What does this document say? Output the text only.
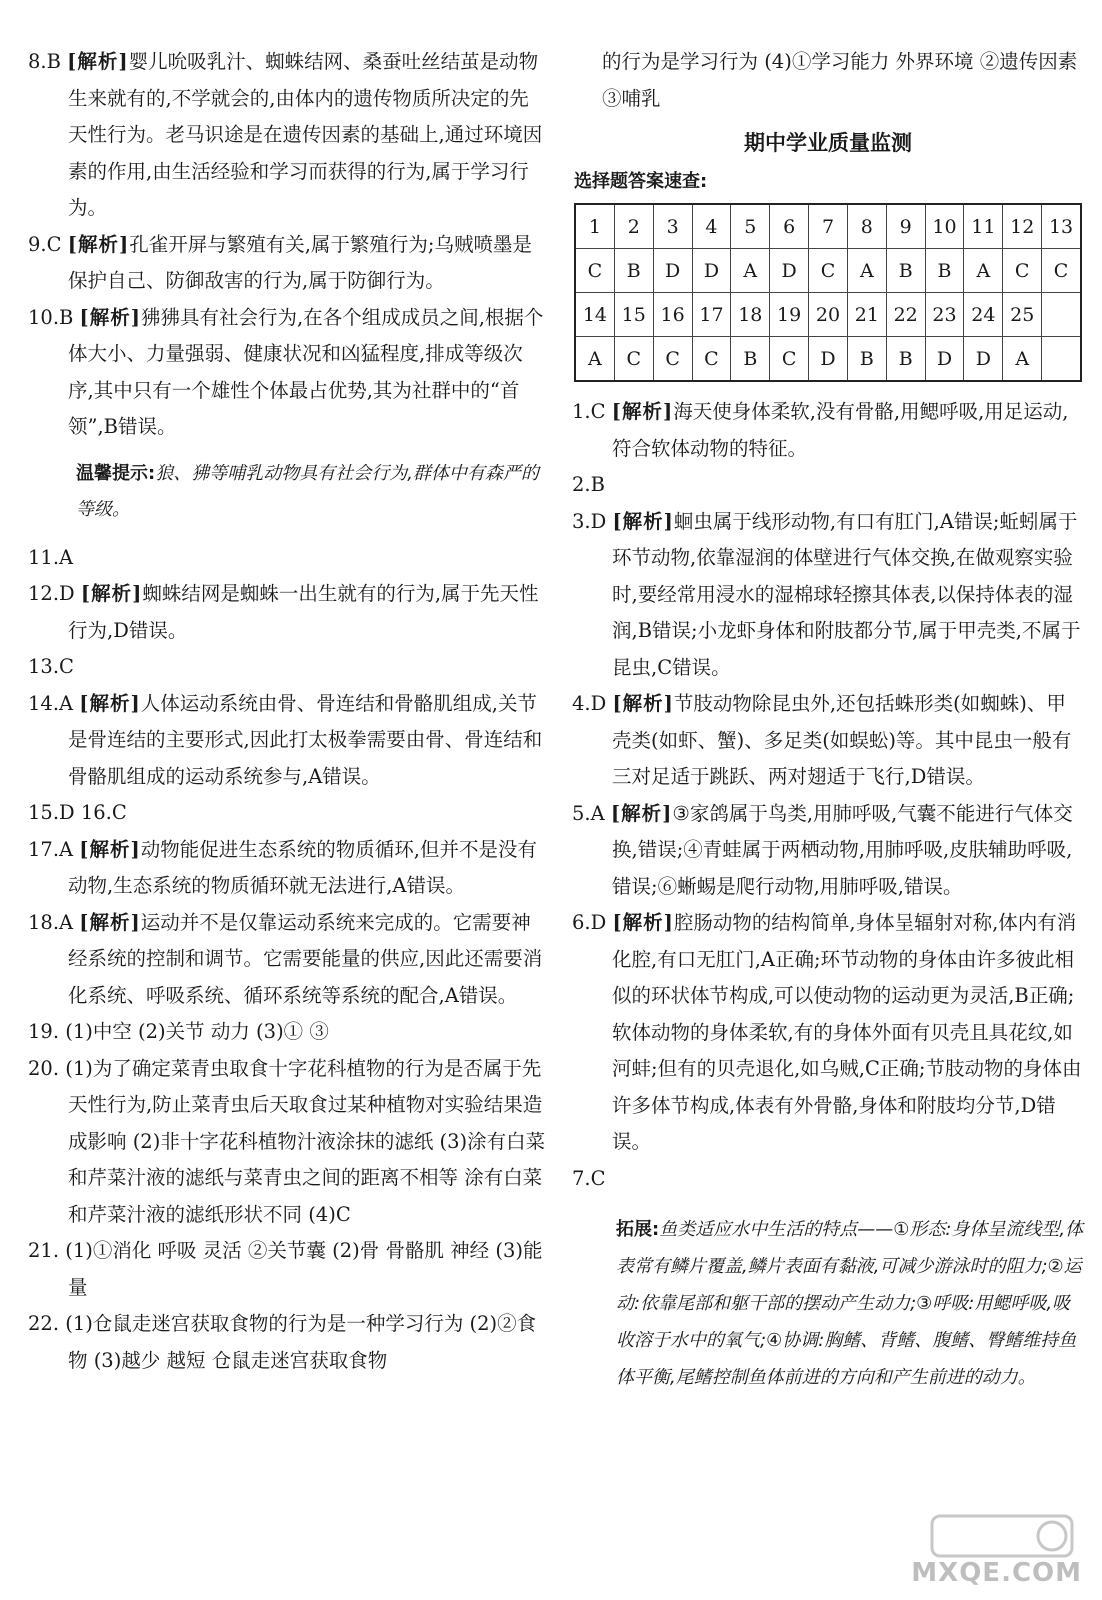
8.B [解析]婴儿吮吸乳汁、蜘蛛结网、桑蚕吐丝结茧是动物生来就有的,不学就会的,由体内的遗传物质所决定的先天性行为。老马识途是在遗传因素的基础上,通过环境因素的作用,由生活经验和学习而获得的行为,属于学习行为。

9.C [解析]孔雀开屏与繁殖有关,属于繁殖行为;乌贼喷墨是保护自己、防御敌害的行为,属于防御行为。

10.B [解析]狒狒具有社会行为,在各个组成成员之间,根据个体大小、力量强弱、健康状况和凶猛程度,排成等级次序,其中只有一个雄性个体最占优势,其为社群中的“首领”,B错误。

温馨提示:狼、狒等哺乳动物具有社会行为,群体中有森严的等级。

11.A

12.D [解析]蜘蛛结网是蜘蛛一出生就有的行为,属于先天性行为,D错误。

13.C

14.A [解析]人体运动系统由骨、骨连结和骨骼肌组成,关节是骨连结的主要形式,因此打太极拳需要由骨、骨连结和骨骼肌组成的运动系统参与,A错误。

15.D 16.C

17.A [解析]动物能促进生态系统的物质循环,但并不是没有动物,生态系统的物质循环就无法进行,A错误。

18.A [解析]运动并不是仅靠运动系统来完成的。它需要神经系统的控制和调节。它需要能量的供应,因此还需要消化系统、呼吸系统、循环系统等系统的配合,A错误。

19. (1)中空 (2)关节 动力 (3)① ③

20. (1)为了确定菜青虫取食十字花科植物的行为是否属于先天性行为,防止菜青虫后天取食过某种植物对实验结果造成影响 (2)非十字花科植物汁液涂抹的滤纸 (3)涂有白菜和芹菜汁液的滤纸与菜青虫之间的距离不相等 涂有白菜和芹菜汁液的滤纸形状不同 (4)C

21. (1)①消化 呼吸 灵活 ②关节囊 (2)骨 骨骼肌 神经 (3)能量

22. (1)仓鼠走迷宫获取食物的行为是一种学习行为 (2)②食物 (3)越少 越短 仓鼠走迷宫获取食物

的行为是学习行为 (4)①学习能力 外界环境 ②遗传因素 ③哺乳

期中学业质量监测
选择题答案速查:
1	2	3	4	5	6	7	8	9	10	11	12	13
C	B	D	D	A	D	C	A	B	B	A	C	C
14	15	16	17	18	19	20	21	22	23	24	25	
A	C	C	C	B	C	D	B	B	D	D	A	

1.C [解析]海天使身体柔软,没有骨骼,用鳃呼吸,用足运动,符合软体动物的特征。

2.B

3.D [解析]蛔虫属于线形动物,有口有肛门,A错误;蚯蚓属于环节动物,依靠湿润的体壁进行气体交换,在做观察实验时,要经常用浸水的湿棉球轻擦其体表,以保持体表的湿润,B错误;小龙虾身体和附肢都分节,属于甲壳类,不属于昆虫,C错误。

4.D [解析]节肢动物除昆虫外,还包括蛛形类(如蜘蛛)、甲壳类(如虾、蟹)、多足类(如蜈蚣)等。其中昆虫一般有三对足适于跳跃、两对翅适于飞行,D错误。

5.A [解析]③家鸽属于鸟类,用肺呼吸,气囊不能进行气体交换,错误;④青蛙属于两栖动物,用肺呼吸,皮肤辅助呼吸,错误;⑥蜥蜴是爬行动物,用肺呼吸,错误。

6.D [解析]腔肠动物的结构简单,身体呈辐射对称,体内有消化腔,有口无肛门,A正确;环节动物的身体由许多彼此相似的环状体节构成,可以使动物的运动更为灵活,B正确;软体动物的身体柔软,有的身体外面有贝壳且具花纹,如河蚌;但有的贝壳退化,如乌贼,C正确;节肢动物的身体由许多体节构成,体表有外骨骼,身体和附肢均分节,D错误。

7.C

拓展:鱼类适应水中生活的特点——①形态:身体呈流线型,体表常有鳞片覆盖,鳞片表面有黏液,可减少游泳时的阻力;②运动:依靠尾部和躯干部的摆动产生动力;③呼吸:用鳃呼吸,吸收溶于水中的氧气;④协调:胸鳍、背鳍、腹鳍、臀鳍维持鱼体平衡,尾鳍控制鱼体前进的方向和产生前进的动力。
MXQE.COM
